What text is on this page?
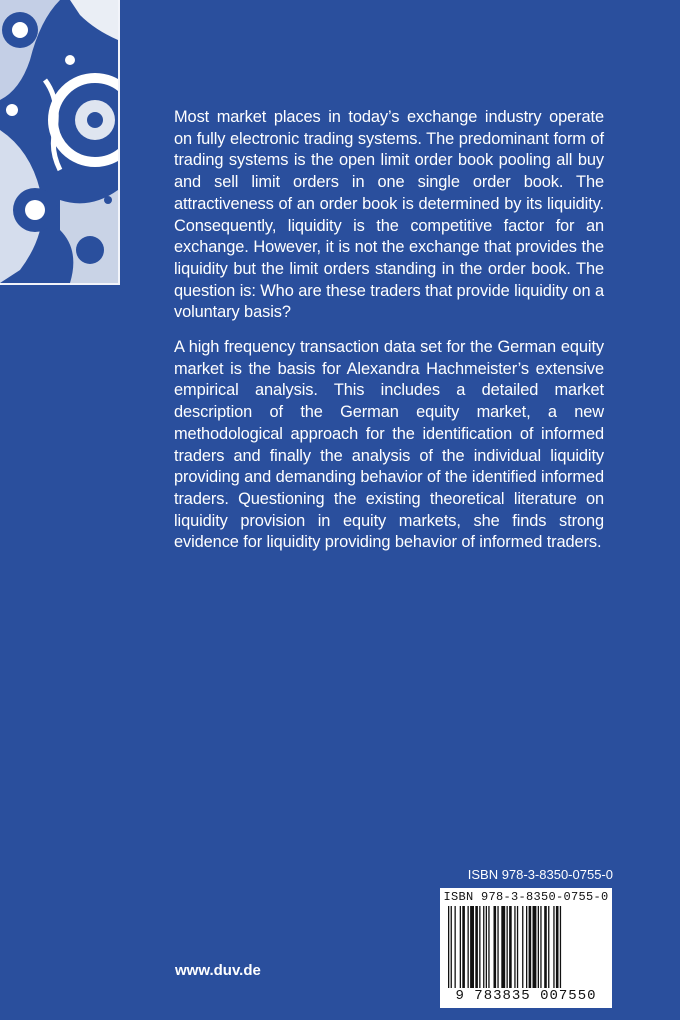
Most market places in today’s exchange industry operate on fully electronic trading systems. The predominant form of trading systems is the open limit order book pooling all buy and sell limit orders in one single order book. The attractiveness of an order book is determined by its liquidity. Consequently, liquidity is the competitive factor for an exchange. However, it is not the exchange that provides the liquidity but the limit orders standing in the order book. The question is: Who are these traders that provide liquidity on a voluntary basis?

A high frequency transaction data set for the German equity market is the basis for Alexandra Hachmeister’s extensive empirical analysis. This includes a detailed market description of the German equity market, a new methodological approach for the identification of informed traders and finally the analysis of the individual liquidity providing and demanding behavior of the identified informed traders. Questioning the existing theoretical literature on liquidity provision in equity markets, she finds strong evidence for liquidity providing behavior of informed traders.

ISBN 978-3-8350-0755-0
ISBN 978-3-8350-0755-0
9 783835 007550
www.duv.de
